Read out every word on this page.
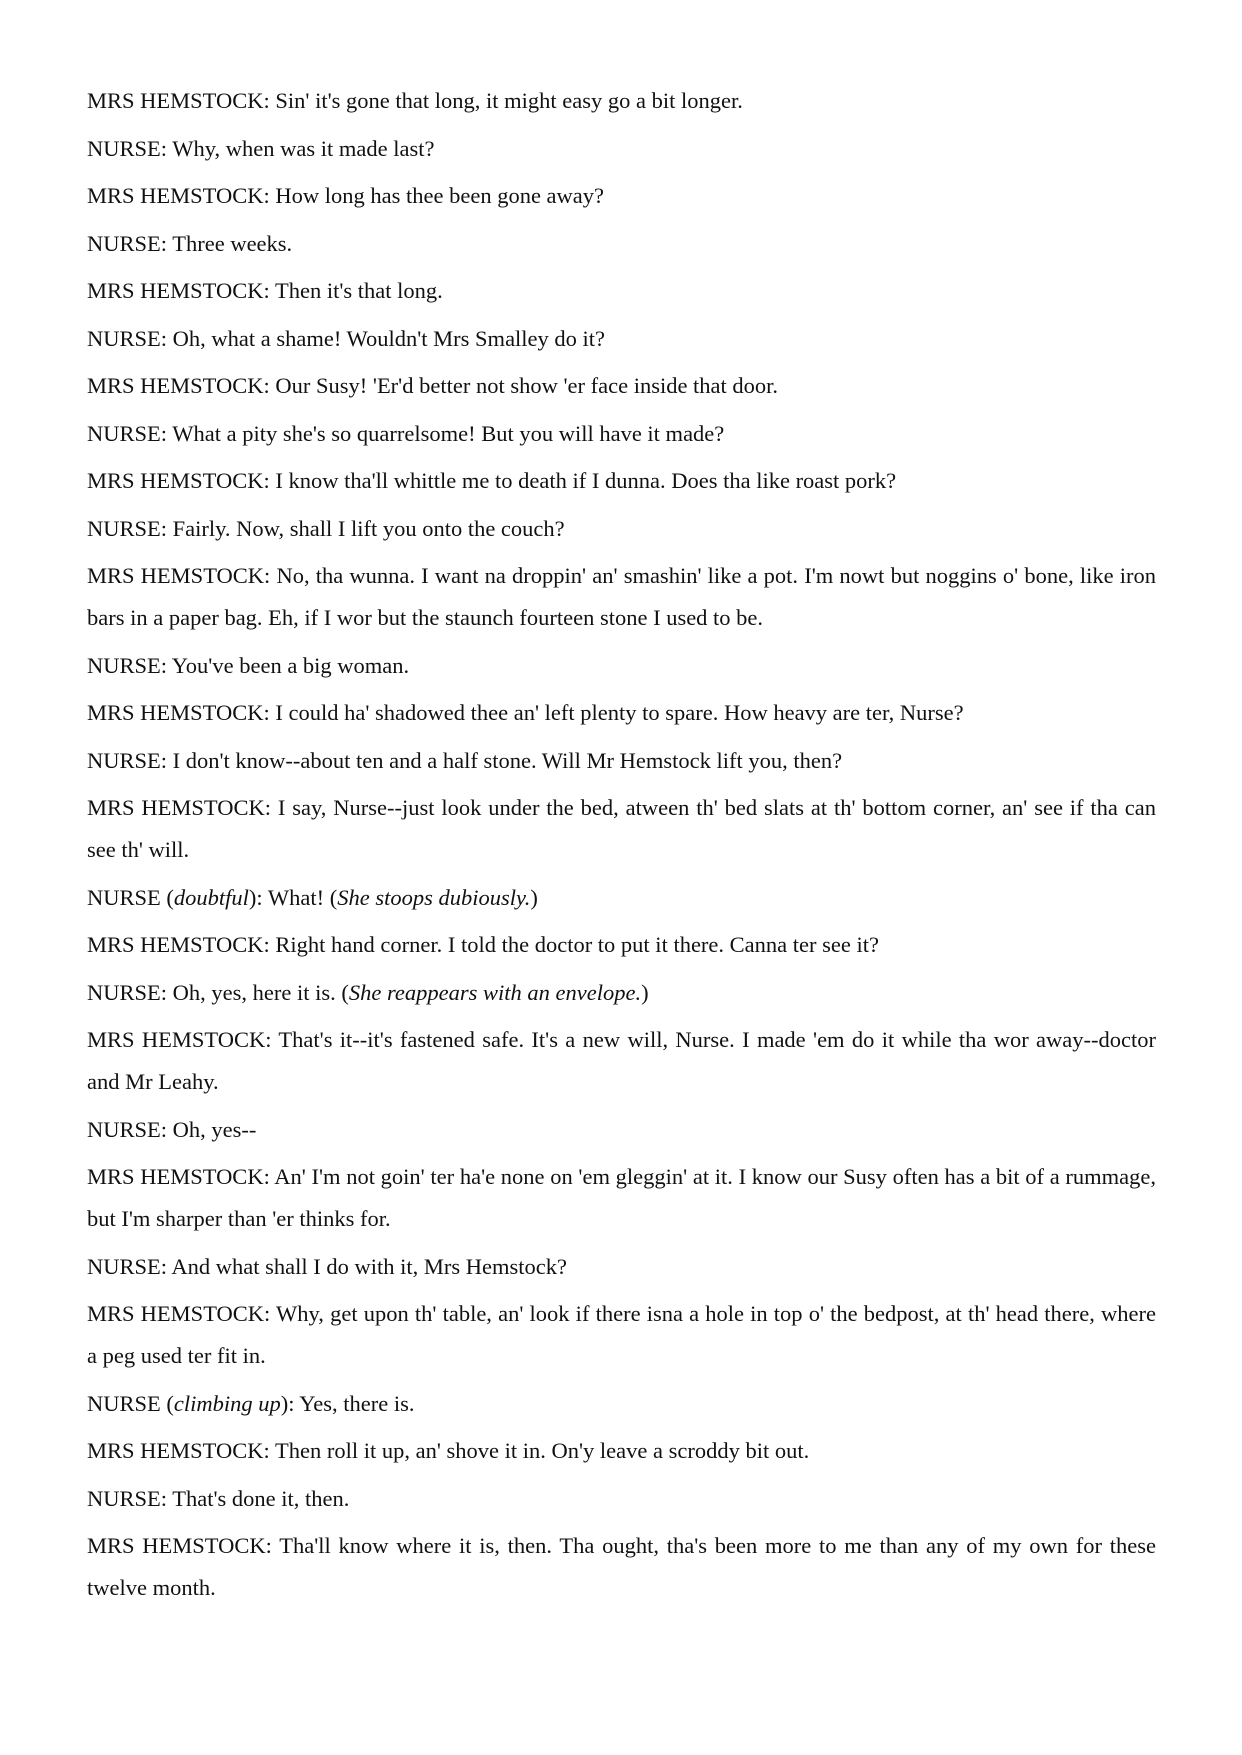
MRS HEMSTOCK: Sin' it's gone that long, it might easy go a bit longer.

NURSE: Why, when was it made last?

MRS HEMSTOCK: How long has thee been gone away?

NURSE: Three weeks.

MRS HEMSTOCK: Then it's that long.

NURSE: Oh, what a shame! Wouldn't Mrs Smalley do it?

MRS HEMSTOCK: Our Susy! 'Er'd better not show 'er face inside that door.

NURSE: What a pity she's so quarrelsome! But you will have it made?

MRS HEMSTOCK: I know tha'll whittle me to death if I dunna. Does tha like roast pork?

NURSE: Fairly. Now, shall I lift you onto the couch?

MRS HEMSTOCK: No, tha wunna. I want na droppin' an' smashin' like a pot. I'm nowt but noggins o' bone, like iron bars in a paper bag. Eh, if I wor but the staunch fourteen stone I used to be.

NURSE: You've been a big woman.

MRS HEMSTOCK: I could ha' shadowed thee an' left plenty to spare. How heavy are ter, Nurse?

NURSE: I don't know--about ten and a half stone. Will Mr Hemstock lift you, then?

MRS HEMSTOCK: I say, Nurse--just look under the bed, atween th' bed slats at th' bottom corner, an' see if tha can see th' will.

NURSE (doubtful): What! (She stoops dubiously.)

MRS HEMSTOCK: Right hand corner. I told the doctor to put it there. Canna ter see it?

NURSE: Oh, yes, here it is. (She reappears with an envelope.)

MRS HEMSTOCK: That's it--it's fastened safe. It's a new will, Nurse. I made 'em do it while tha wor away--doctor and Mr Leahy.

NURSE: Oh, yes--

MRS HEMSTOCK: An' I'm not goin' ter ha'e none on 'em gleggin' at it. I know our Susy often has a bit of a rummage, but I'm sharper than 'er thinks for.

NURSE: And what shall I do with it, Mrs Hemstock?

MRS HEMSTOCK: Why, get upon th' table, an' look if there isna a hole in top o' the bedpost, at th' head there, where a peg used ter fit in.

NURSE (climbing up): Yes, there is.

MRS HEMSTOCK: Then roll it up, an' shove it in. On'y leave a scroddy bit out.

NURSE: That's done it, then.

MRS HEMSTOCK: Tha'll know where it is, then. Tha ought, tha's been more to me than any of my own for these twelve month.
